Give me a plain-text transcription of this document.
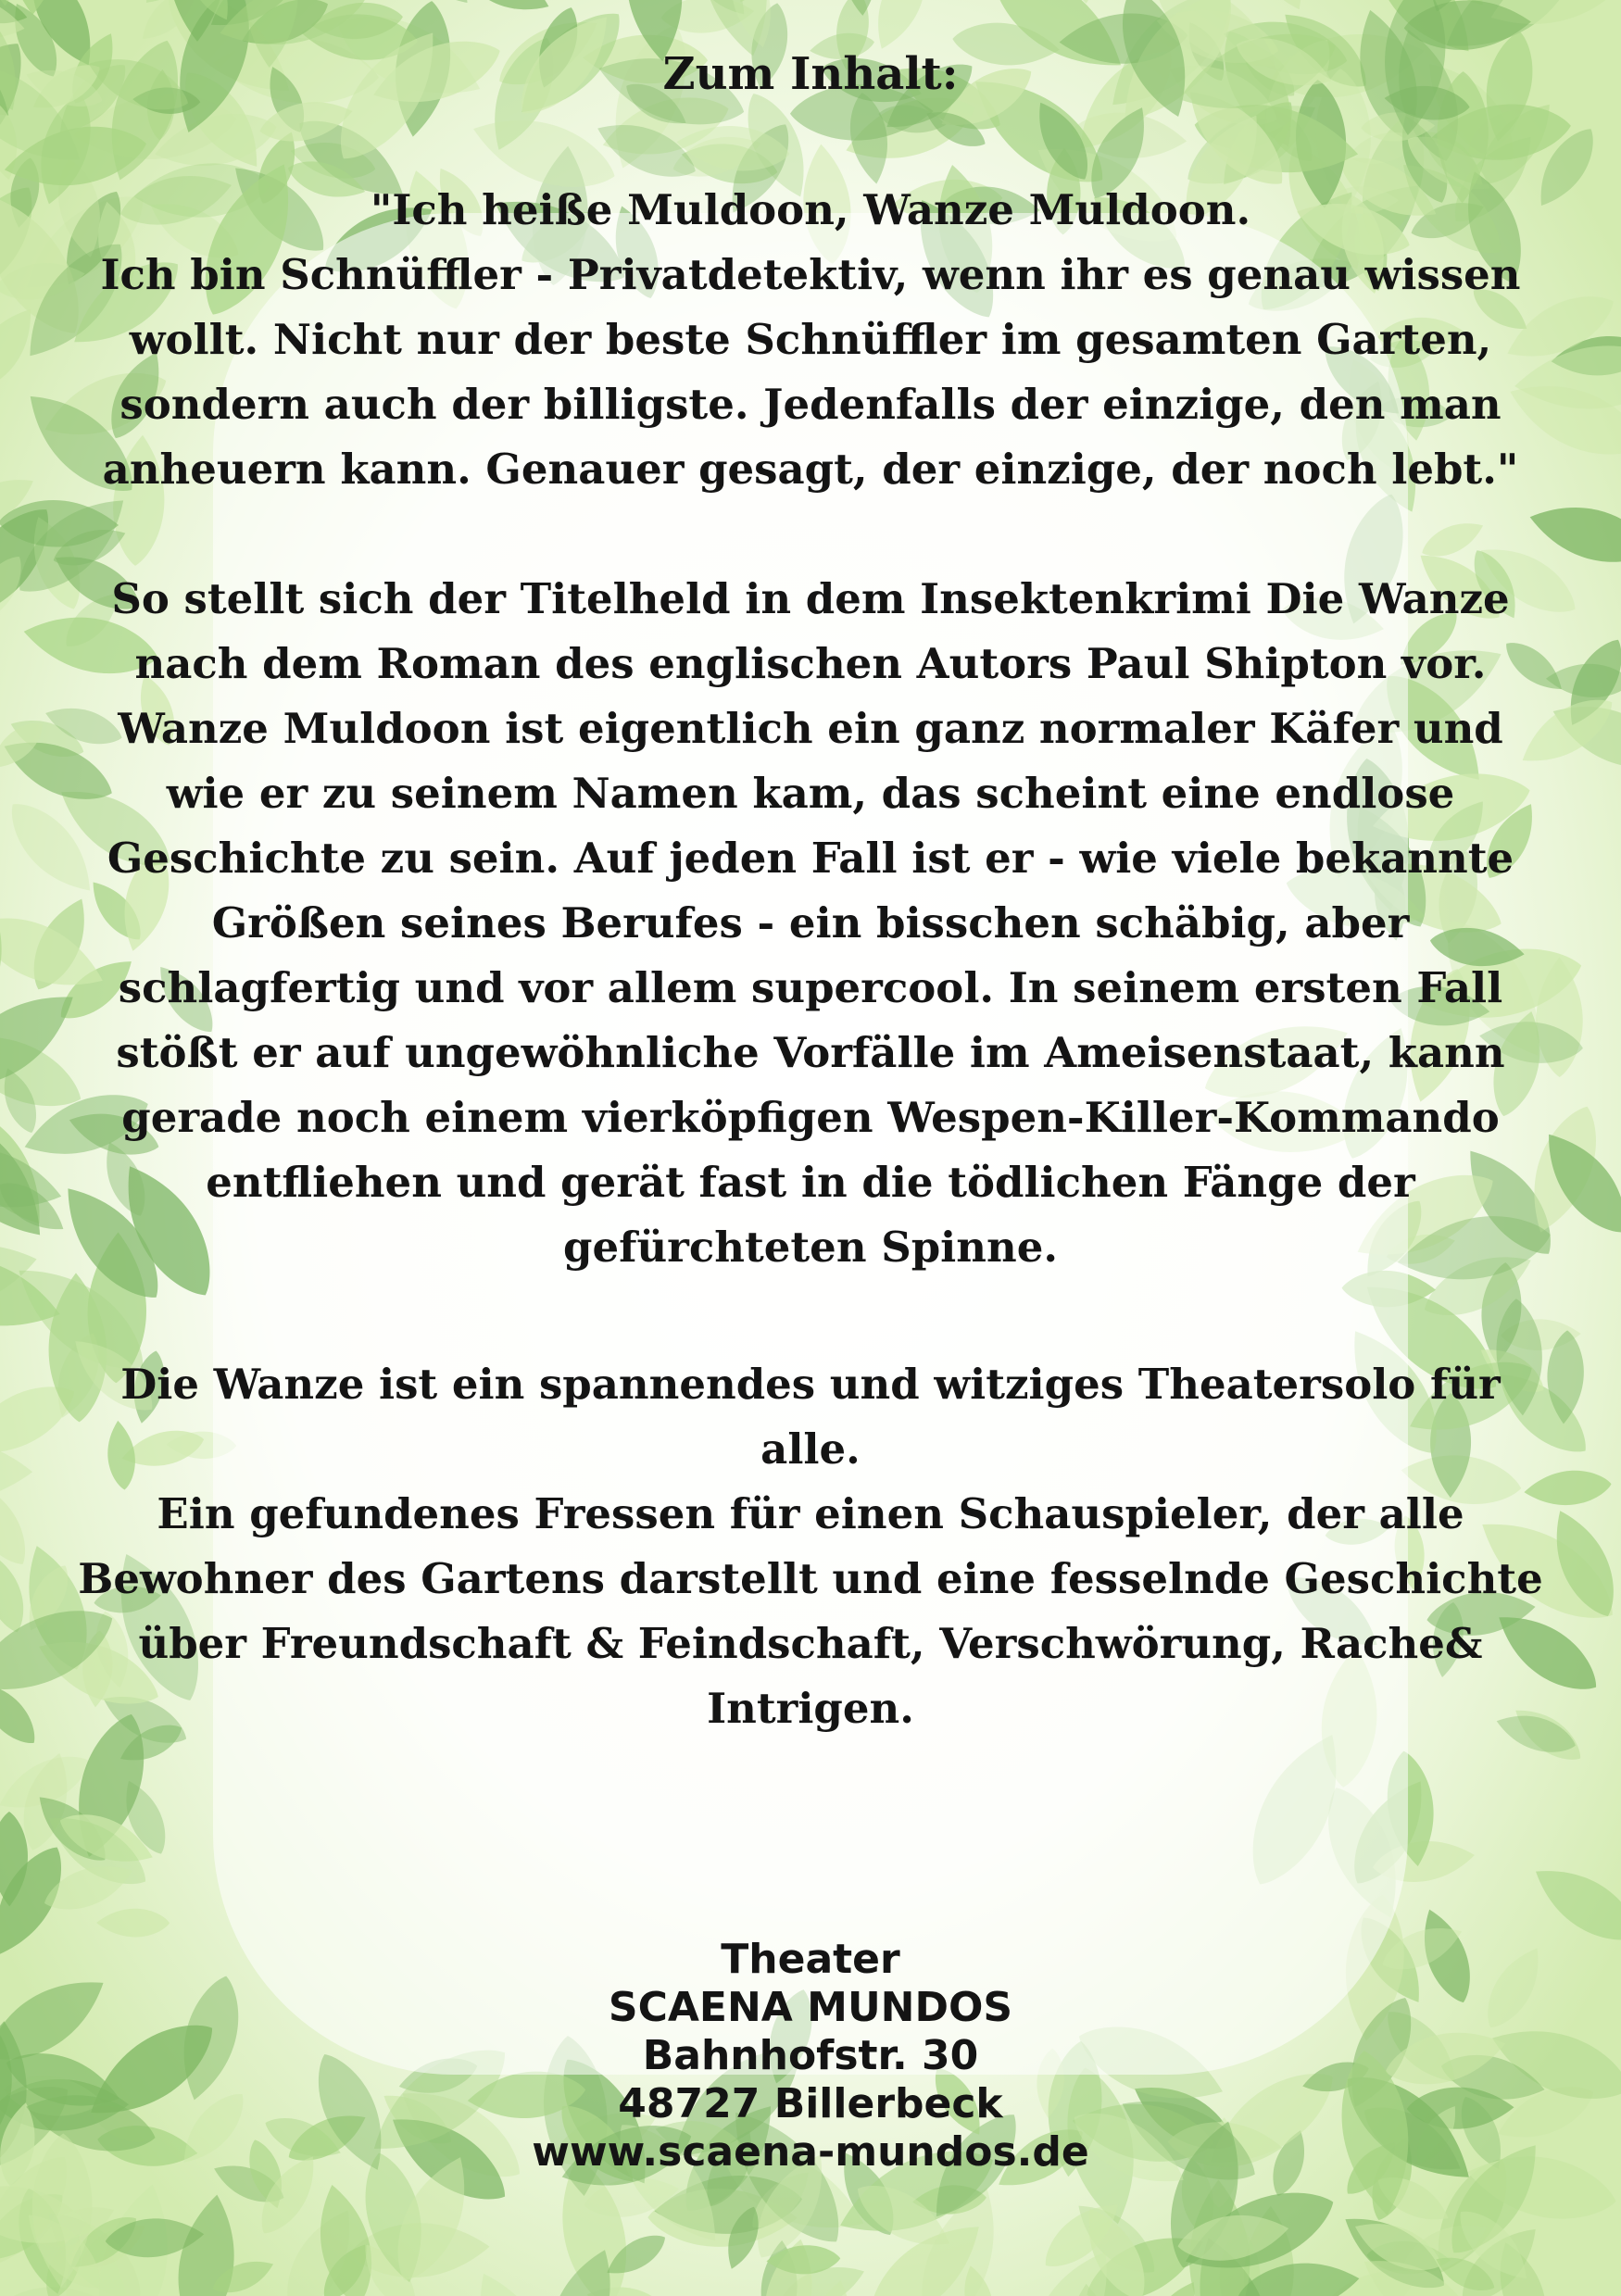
Zum Inhalt:
"Ich heiße Muldoon, Wanze Muldoon.
Ich bin Schnüffler - Privatdetektiv, wenn ihr es genau wissen
wollt. Nicht nur der beste Schnüffler im gesamten Garten,
sondern auch der billigste. Jedenfalls der einzige, den man
anheuern kann. Genauer gesagt, der einzige, der noch lebt."
So stellt sich der Titelheld in dem Insektenkrimi Die Wanze
nach dem Roman des englischen Autors Paul Shipton vor.
Wanze Muldoon ist eigentlich ein ganz normaler Käfer und
wie er zu seinem Namen kam, das scheint eine endlose
Geschichte zu sein. Auf jeden Fall ist er - wie viele bekannte
Größen seines Berufes - ein bisschen schäbig, aber
schlagfertig und vor allem supercool. In seinem ersten Fall
stößt er auf ungewöhnliche Vorfälle im Ameisenstaat, kann
gerade noch einem vierköpfigen Wespen-Killer-Kommando
entfliehen und gerät fast in die tödlichen Fänge der
gefürchteten Spinne.
Die Wanze ist ein spannendes und witziges Theatersolo für
alle.
Ein gefundenes Fressen für einen Schauspieler, der alle
Bewohner des Gartens darstellt und eine fesselnde Geschichte
über Freundschaft & Feindschaft, Verschwörung, Rache&
Intrigen.
Theater
SCAENA MUNDOS
Bahnhofstr. 30
48727 Billerbeck
www.scaena-mundos.de
